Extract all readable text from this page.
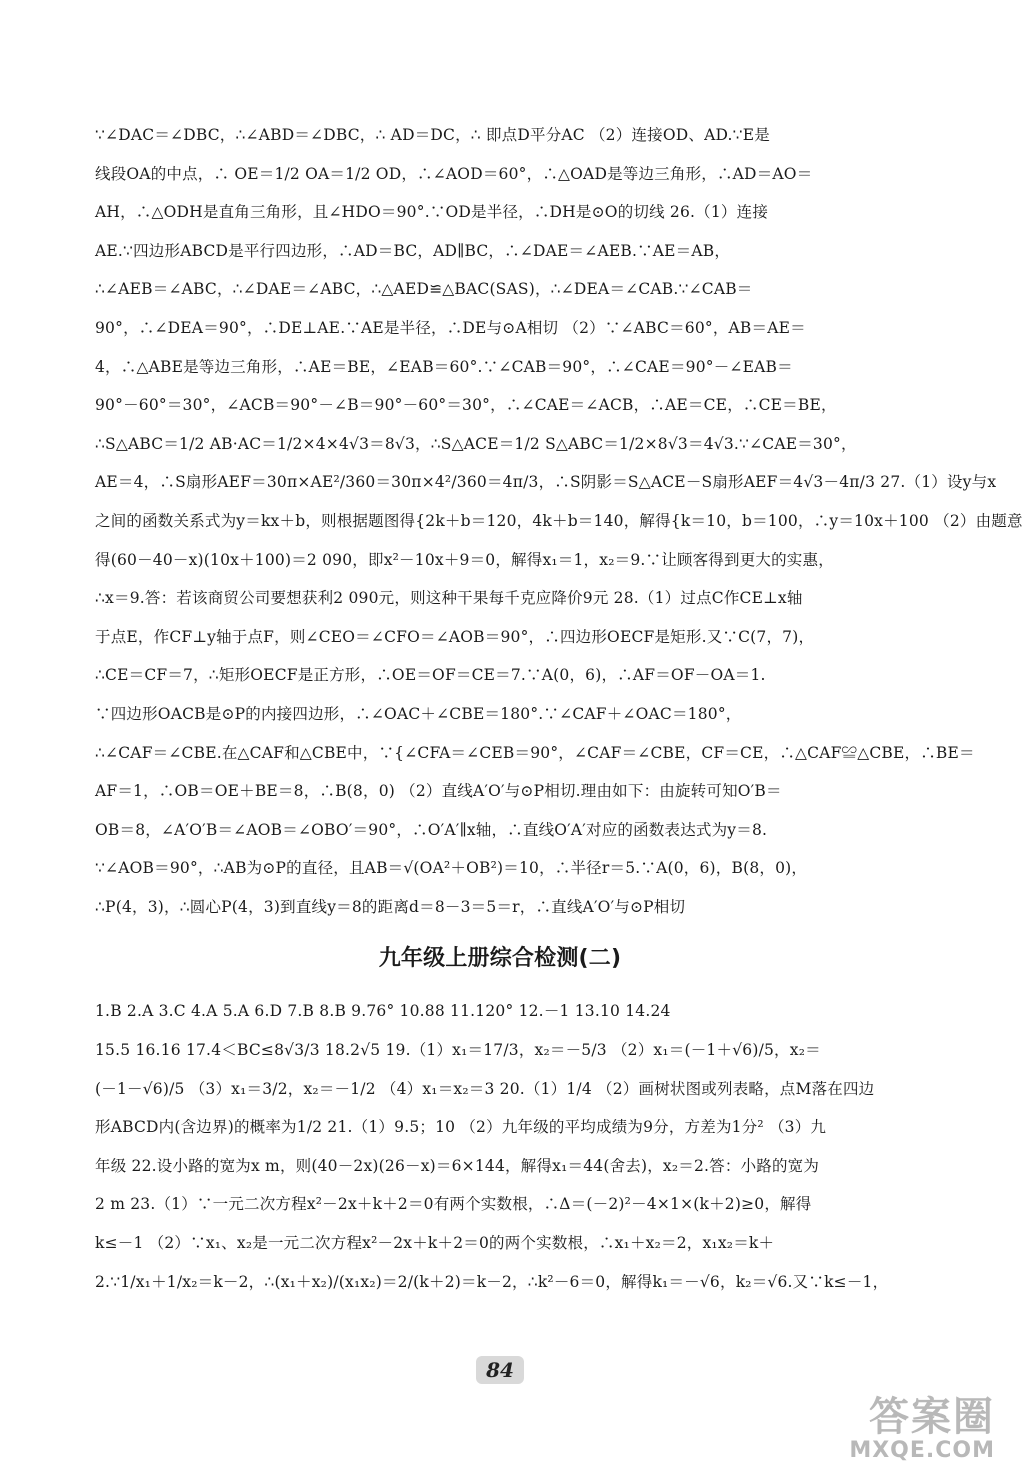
∵∠DAC＝∠DBC，∴∠ABD＝∠DBC，∴ AD＝DC，∴ 即点D平分AC （2）连接OD、AD.∵E是
线段OA的中点，∴ OE＝1/2 OA＝1/2 OD，∴∠AOD＝60°，∴△OAD是等边三角形，∴AD＝AO＝
AH，∴△ODH是直角三角形，且∠HDO＝90°.∵OD是半径，∴DH是⊙O的切线 26.（1）连接
AE.∵四边形ABCD是平行四边形，∴AD＝BC，AD∥BC，∴∠DAE＝∠AEB.∵AE＝AB，
∴∠AEB＝∠ABC，∴∠DAE＝∠ABC，∴△AED≌△BAC(SAS)，∴∠DEA＝∠CAB.∵∠CAB＝
90°，∴∠DEA＝90°，∴DE⊥AE.∵AE是半径，∴DE与⊙A相切 （2）∵∠ABC＝60°，AB＝AE＝
4，∴△ABE是等边三角形，∴AE＝BE，∠EAB＝60°.∵∠CAB＝90°，∴∠CAE＝90°－∠EAB＝
90°－60°＝30°，∠ACB＝90°－∠B＝90°－60°＝30°，∴∠CAE＝∠ACB，∴AE＝CE，∴CE＝BE，
∴S△ABC＝1/2 AB·AC＝1/2×4×4√3＝8√3，∴S△ACE＝1/2 S△ABC＝1/2×8√3＝4√3.∵∠CAE＝30°，
AE＝4，∴S扇形AEF＝30π×AE²/360＝30π×4²/360＝4π/3，∴S阴影＝S△ACE－S扇形AEF＝4√3－4π/3 27.（1）设y与x
之间的函数关系式为y＝kx＋b，则根据题图得{2k＋b＝120，4k＋b＝140，解得{k＝10，b＝100，∴y＝10x＋100 （2）由题意
得(60－40－x)(10x＋100)＝2 090，即x²－10x＋9＝0，解得x₁＝1，x₂＝9.∵让顾客得到更大的实惠，
∴x＝9.答：若该商贸公司要想获利2 090元，则这种干果每千克应降价9元 28.（1）过点C作CE⊥x轴
于点E，作CF⊥y轴于点F，则∠CEO＝∠CFO＝∠AOB＝90°，∴四边形OECF是矩形.又∵C(7，7)，
∴CE＝CF＝7，∴矩形OECF是正方形，∴OE＝OF＝CE＝7.∵A(0，6)，∴AF＝OF－OA＝1.
∵四边形OACB是⊙P的内接四边形，∴∠OAC＋∠CBE＝180°.∵∠CAF＋∠OAC＝180°，
∴∠CAF＝∠CBE.在△CAF和△CBE中，∵{∠CFA＝∠CEB＝90°，∠CAF＝∠CBE，CF＝CE，∴△CAF≌△CBE，∴BE＝
AF＝1，∴OB＝OE＋BE＝8，∴B(8，0) （2）直线A′O′与⊙P相切.理由如下：由旋转可知O′B＝
OB＝8，∠A′O′B＝∠AOB＝∠OBO′＝90°，∴O′A′∥x轴，∴直线O′A′对应的函数表达式为y＝8.
∵∠AOB＝90°，∴AB为⊙P的直径，且AB＝√(OA²＋OB²)＝10，∴半径r＝5.∵A(0，6)，B(8，0)，
∴P(4，3)，∴圆心P(4，3)到直线y＝8的距离d＝8－3＝5＝r，∴直线A′O′与⊙P相切
九年级上册综合检测(二)
1.B 2.A 3.C 4.A 5.A 6.D 7.B 8.B 9.76° 10.88 11.120° 12.－1 13.10 14.24
15.5 16.16 17.4＜BC≤8√3/3 18.2√5 19.（1）x₁＝17/3，x₂＝－5/3 （2）x₁＝(－1＋√6)/5，x₂＝
(－1－√6)/5 （3）x₁＝3/2，x₂＝－1/2 （4）x₁＝x₂＝3 20.（1）1/4 （2）画树状图或列表略，点M落在四边
形ABCD内(含边界)的概率为1/2 21.（1）9.5；10 （2）九年级的平均成绩为9分，方差为1分² （3）九
年级 22.设小路的宽为x m，则(40－2x)(26－x)＝6×144，解得x₁＝44(舍去)，x₂＝2.答：小路的宽为
2 m 23.（1）∵一元二次方程x²－2x＋k＋2＝0有两个实数根，∴Δ＝(－2)²－4×1×(k＋2)≥0，解得
k≤－1 （2）∵x₁、x₂是一元二次方程x²－2x＋k＋2＝0的两个实数根，∴x₁＋x₂＝2，x₁x₂＝k＋
2.∵1/x₁＋1/x₂＝k－2，∴(x₁＋x₂)/(x₁x₂)＝2/(k＋2)＝k－2，∴k²－6＝0，解得k₁＝－√6，k₂＝√6.又∵k≤－1，
84
答案圈
MXQE.COM
